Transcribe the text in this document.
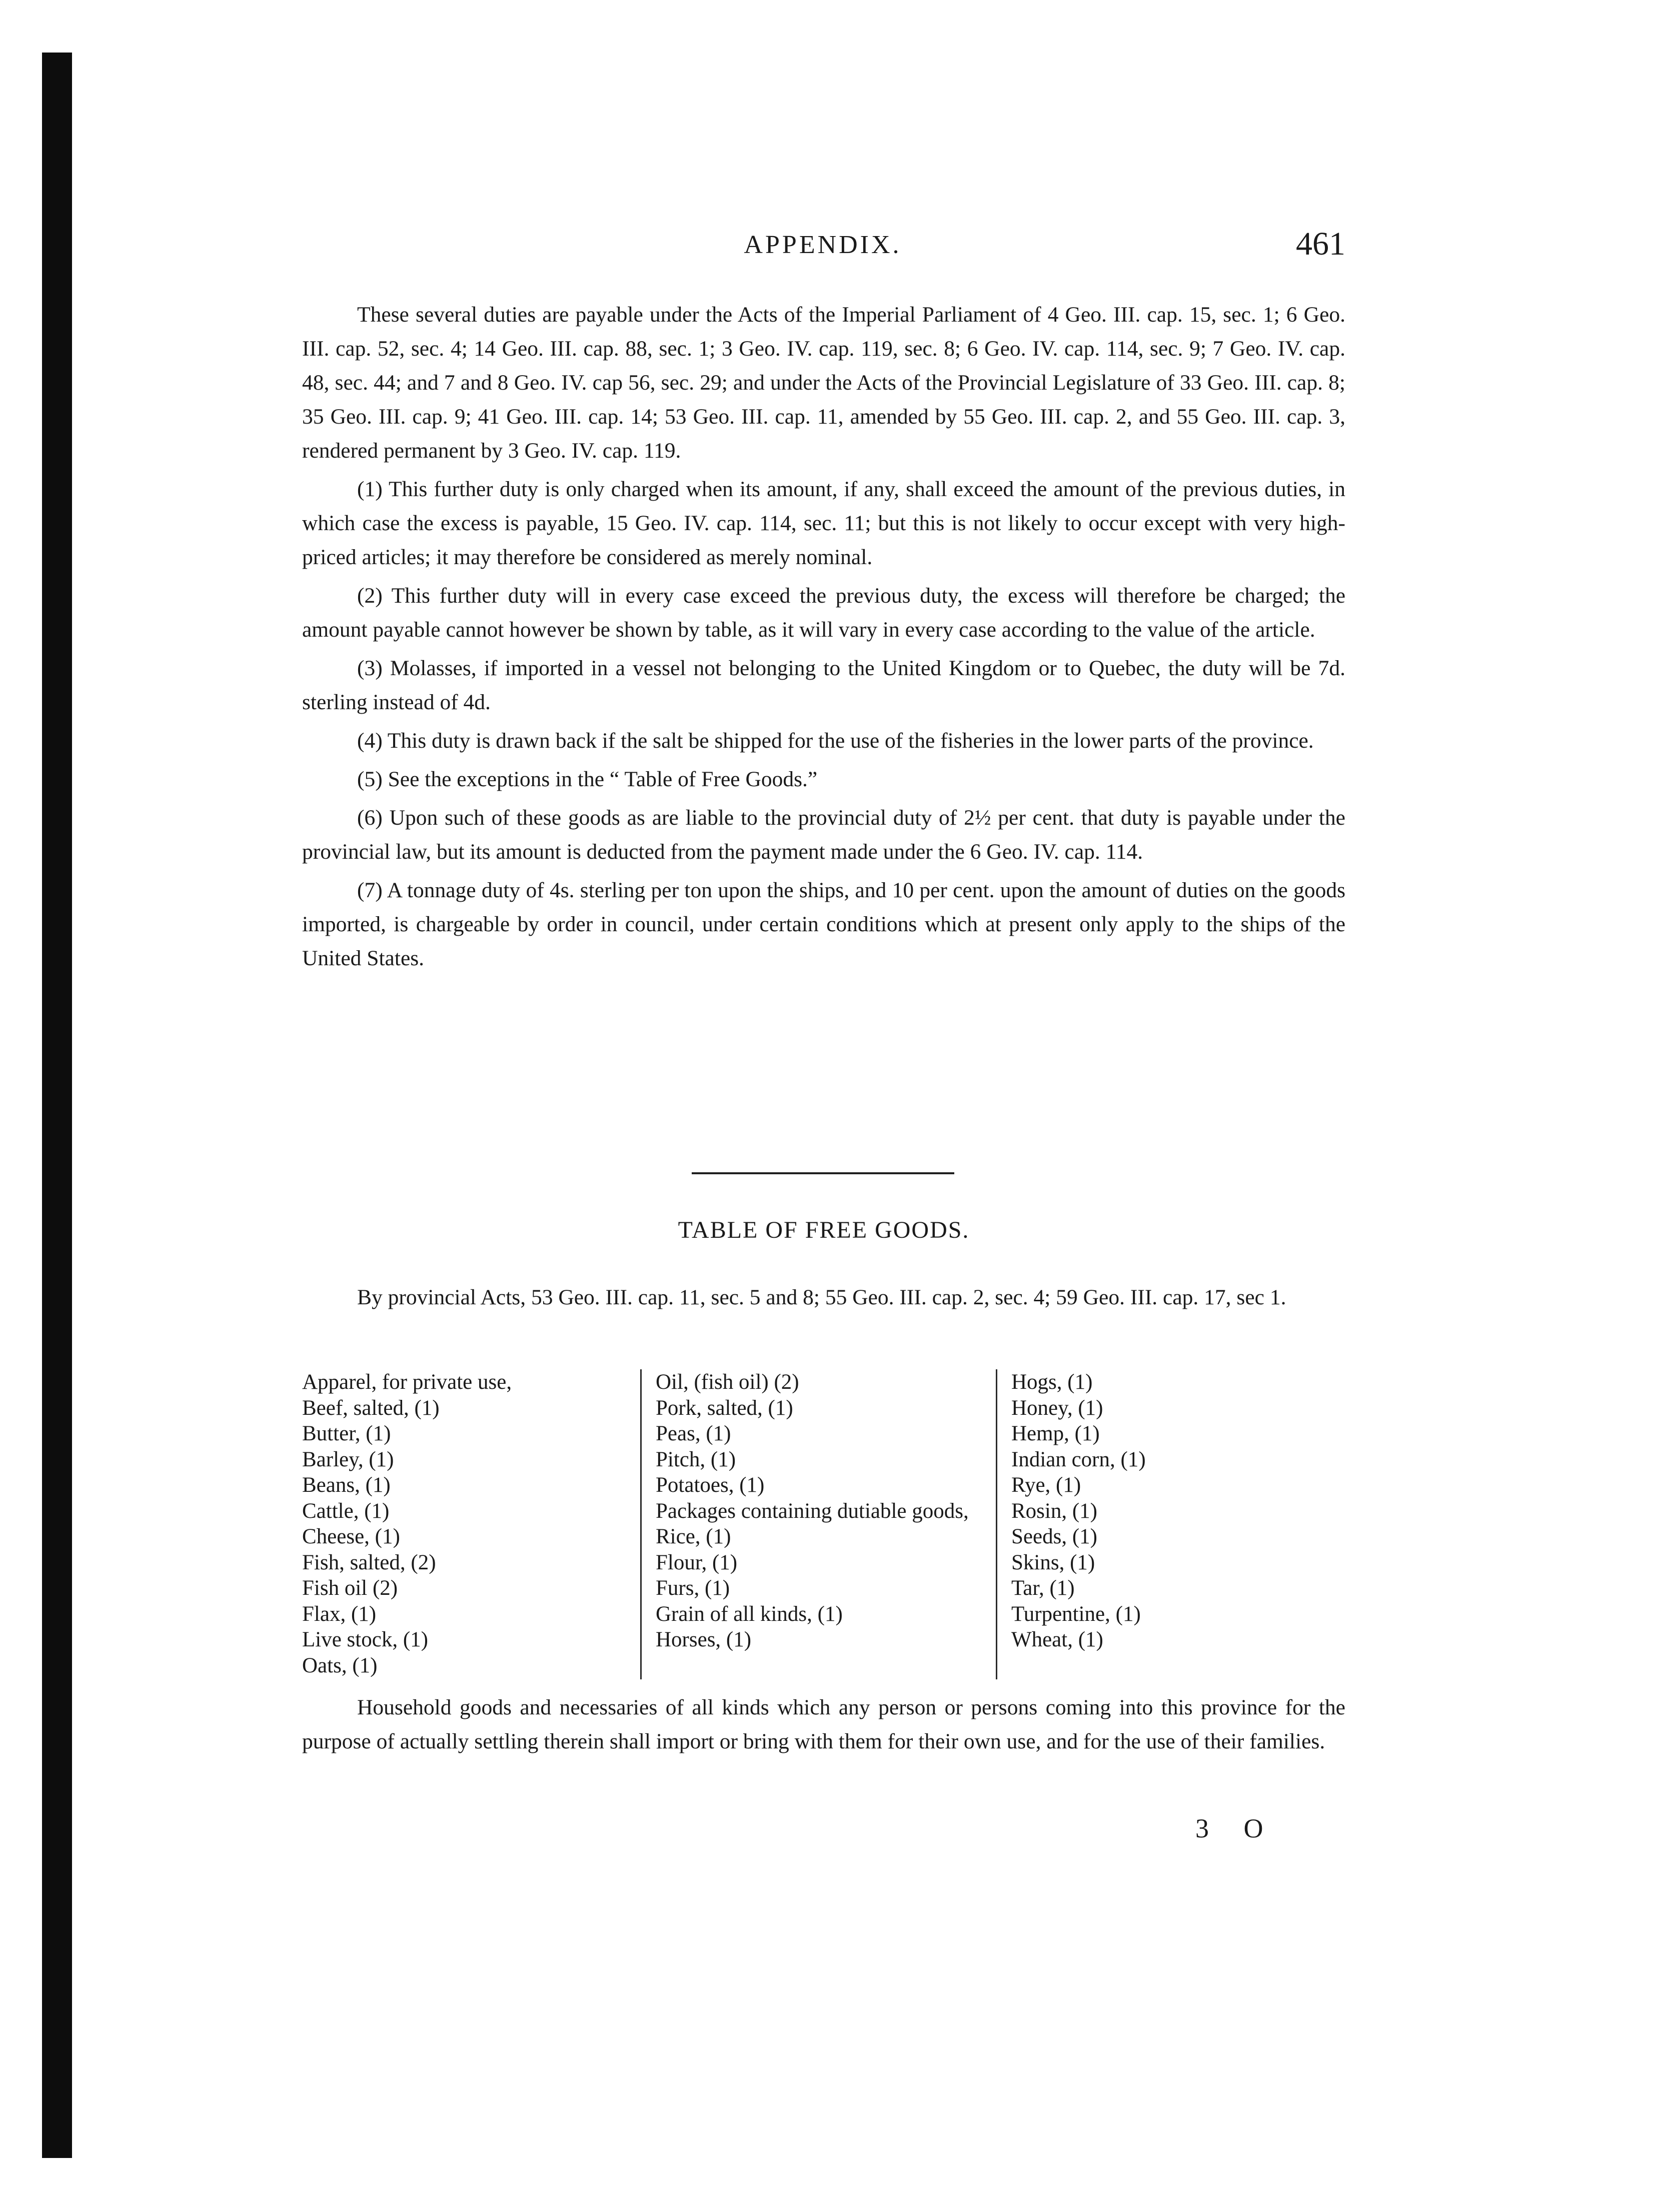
APPENDIX.	461

These several duties are payable under the Acts of the Imperial Parliament of 4 Geo. III. cap. 15, sec. 1; 6 Geo. III. cap. 52, sec. 4; 14 Geo. III. cap. 88, sec. 1; 3 Geo. IV. cap. 119, sec. 8; 6 Geo. IV. cap. 114, sec. 9; 7 Geo. IV. cap. 48, sec. 44; and 7 and 8 Geo. IV. cap 56, sec. 29; and under the Acts of the Provincial Legislature of 33 Geo. III. cap. 8; 35 Geo. III. cap. 9; 41 Geo. III. cap. 14; 53 Geo. III. cap. 11, amended by 55 Geo. III. cap. 2, and 55 Geo. III. cap. 3, rendered permanent by 3 Geo. IV. cap. 119.

(1) This further duty is only charged when its amount, if any, shall exceed the amount of the previous duties, in which case the excess is payable, 15 Geo. IV. cap. 114, sec. 11; but this is not likely to occur except with very high-priced articles; it may therefore be considered as merely nominal.

(2) This further duty will in every case exceed the previous duty, the excess will therefore be charged; the amount payable cannot however be shown by table, as it will vary in every case according to the value of the article.

(3) Molasses, if imported in a vessel not belonging to the United Kingdom or to Quebec, the duty will be 7d. sterling instead of 4d.

(4) This duty is drawn back if the salt be shipped for the use of the fisheries in the lower parts of the province.

(5) See the exceptions in the “ Table of Free Goods.”

(6) Upon such of these goods as are liable to the provincial duty of 2½ per cent. that duty is payable under the provincial law, but its amount is deducted from the payment made under the 6 Geo. IV. cap. 114.

(7) A tonnage duty of 4s. sterling per ton upon the ships, and 10 per cent. upon the amount of duties on the goods imported, is chargeable by order in council, under certain conditions which at present only apply to the ships of the United States.

TABLE OF FREE GOODS.

By provincial Acts, 53 Geo. III. cap. 11, sec. 5 and 8; 55 Geo. III. cap. 2, sec. 4; 59 Geo. III. cap. 17, sec 1.

Apparel, for private use,
Beef, salted, (1)
Butter, (1)
Barley, (1)
Beans, (1)
Cattle, (1)
Cheese, (1)
Fish, salted, (2)
Fish oil (2)
Flax, (1)
Live stock, (1)
Oats, (1)
Oil, (fish oil) (2)
Pork, salted, (1)
Peas, (1)
Pitch, (1)
Potatoes, (1)
Packages containing dutiable goods,
Rice, (1)
Flour, (1)
Furs, (1)
Grain of all kinds, (1)
Horses, (1)
Hogs, (1)
Honey, (1)
Hemp, (1)
Indian corn, (1)
Rye, (1)
Rosin, (1)
Seeds, (1)
Skins, (1)
Tar, (1)
Turpentine, (1)
Wheat, (1)

Household goods and necessaries of all kinds which any person or persons coming into this province for the purpose of actually settling therein shall import or bring with them for their own use, and for the use of their families.

3 O
